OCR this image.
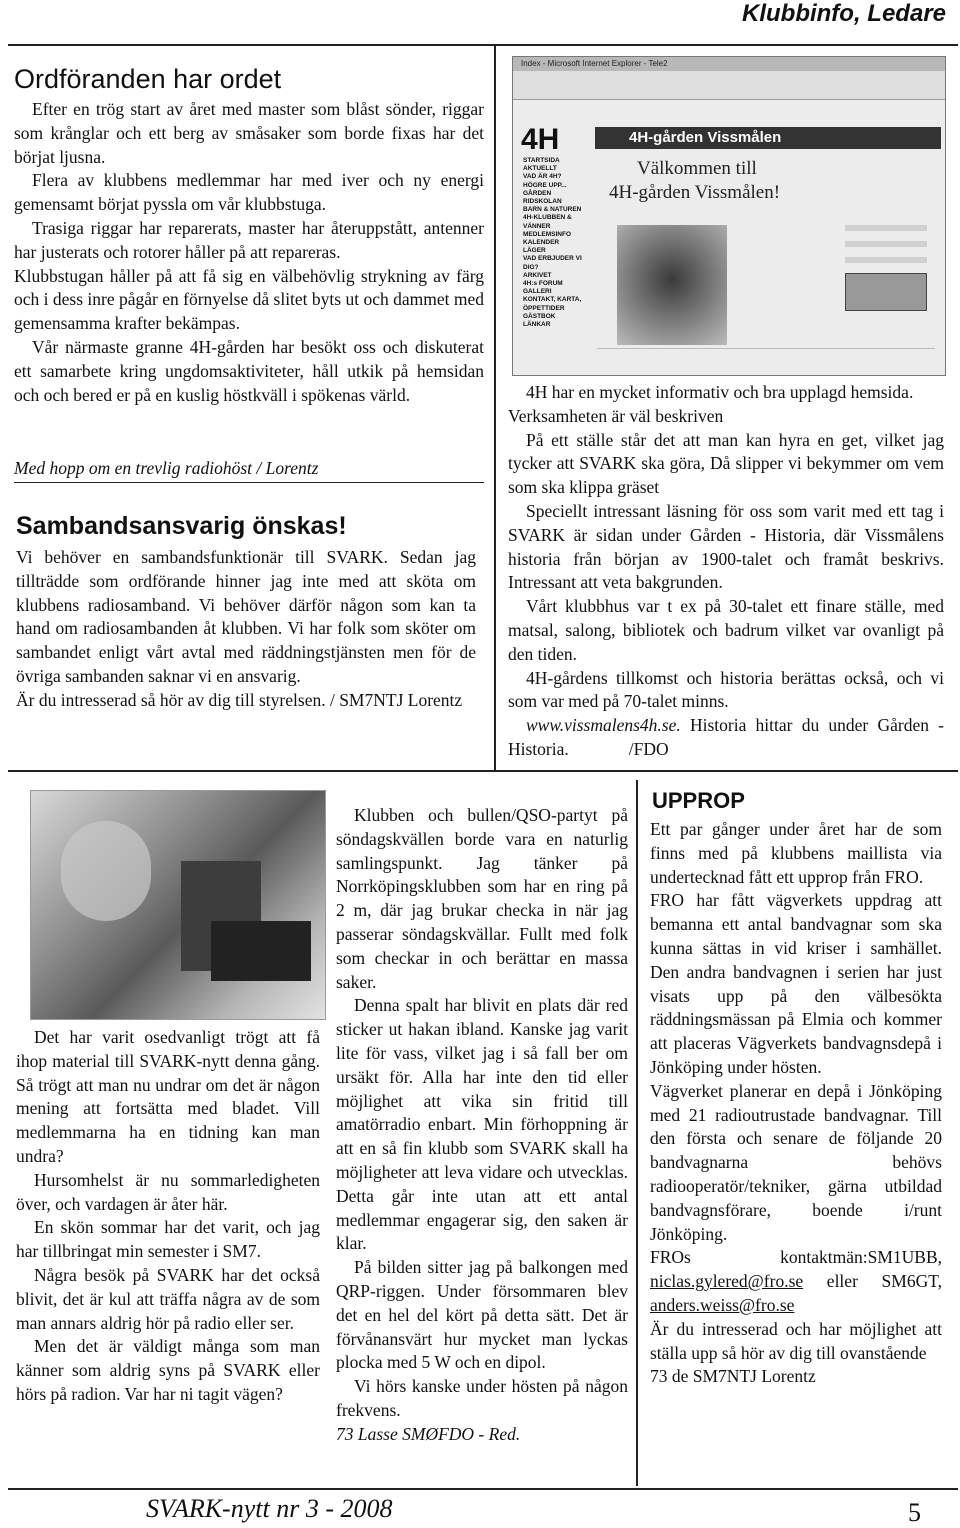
Klubbinfo, Ledare
Ordföranden har ordet

Efter en trög start av året med master som blåst sönder, riggar som krånglar och ett berg av småsaker som borde fixas har det börjat ljusna.

Flera av klubbens medlemmar har med iver och ny energi gemensamt börjat pyssla om vår klubbstuga.

Trasiga riggar har reparerats, master har återuppstått, antenner har justerats och rotorer håller på att repareras.

Klubbstugan håller på att få sig en välbehövlig strykning av färg och i dess inre pågår en förnyelse då slitet byts ut och dammet med gemensamma krafter bekämpas.

Vår närmaste granne 4H-gården har besökt oss och diskuterat ett samarbete kring ungdomsaktiviteter, håll utkik på hemsidan och och bered er på en kuslig höstkväll i spökenas värld.

Med hopp om en trevlig radiohöst / Lorentz
Sambandsansvarig önskas!

Vi behöver en sambandsfunktionär till SVARK. Sedan jag tillträdde som ordförande hinner jag inte med att sköta om klubbens radiosamband. Vi behöver därför någon som kan ta hand om radiosambanden åt klubben. Vi har folk som sköter om sambandet enligt vårt avtal med räddningstjänsten men för de övriga sambanden saknar vi en ansvarig.

Är du intresserad så hör av dig till styrelsen. / SM7NTJ Lorentz

Index - Microsoft Internet Explorer - Tele2
4H	4H-gården Vissmålen
STARTSIDA
AKTUELLT
VAD ÄR 4H?
HÖGRE UPP...
GÅRDEN
RIDSKOLAN
BARN & NATUREN
4H-KLUBBEN & VÄNNER
MEDLEMSINFO
KALENDER
LÄGER
VAD ERBJUDER VI DIG?
ARKIVET
4H:s FORUM
GALLERI
KONTAKT, KARTA, ÖPPETTIDER
GÄSTBOK
LÄNKAR
Välkommen till
4H-gården Vissmålen!

4H har en mycket informativ och bra upplagd hemsida.

Verksamheten är väl beskriven

På ett ställe står det att man kan hyra en get, vilket jag tycker att SVARK ska göra, Då slipper vi bekymmer om vem som ska klippa gräset

Speciellt intressant läsning för oss som varit med ett tag i SVARK är sidan under Gården - Historia, där Vissmålens historia från början av 1900-talet och framåt beskrivs. Intressant att veta bakgrunden.

Vårt klubbhus var t ex på 30-talet ett finare ställe, med matsal, salong, bibliotek och badrum vilket var ovanligt på den tiden.

4H-gårdens tillkomst och historia berättas också, och vi som var med på 70-talet minns.

www.vissmalens4h.se. Historia hittar du under Gården - Historia.	/FDO

Det har varit osedvanligt trögt att få ihop material till SVARK-nytt denna gång. Så trögt att man nu undrar om det är någon mening att fortsätta med bladet. Vill medlemmarna ha en tidning kan man undra?

Hursomhelst är nu sommarledigheten över, och vardagen är åter här.

En skön sommar har det varit, och jag har tillbringat min semester i SM7.

Några besök på SVARK har det också blivit, det är kul att träffa några av de som man annars aldrig hör på radio eller ser.

Men det är väldigt många som man känner som aldrig syns på SVARK eller hörs på radion. Var har ni tagit vägen?

Klubben och bullen/QSO-partyt på söndagskvällen borde vara en naturlig samlingspunkt. Jag tänker på Norrköpingsklubben som har en ring på 2 m, där jag brukar checka in när jag passerar söndagskvällar. Fullt med folk som checkar in och berättar en massa saker.

Denna spalt har blivit en plats där red sticker ut hakan ibland. Kanske jag varit lite för vass, vilket jag i så fall ber om ursäkt för. Alla har inte den tid eller möjlighet att vika sin fritid till amatörradio enbart. Min förhoppning är att en så fin klubb som SVARK skall ha möjligheter att leva vidare och utvecklas. Detta går inte utan att ett antal medlemmar engagerar sig, den saken är klar.

På bilden sitter jag på balkongen med QRP-riggen. Under försommaren blev det en hel del kört på detta sätt. Det är förvånansvärt hur mycket man lyckas plocka med 5 W och en dipol.

Vi hörs kanske under hösten på någon frekvens.

73 Lasse SMØFDO - Red.

UPPROP

Ett par gånger under året har de som finns med på klubbens maillista via undertecknad fått ett upprop från FRO.

FRO har fått vägverkets uppdrag att bemanna ett antal bandvagnar som ska kunna sättas in vid kriser i samhället. Den andra bandvagnen i serien har just visats upp på den välbesökta räddningsmässan på Elmia och kommer att placeras Vägverkets bandvagnsdepå i Jönköping under hösten.

Vägverket planerar en depå i Jönköping med 21 radioutrustade bandvagnar. Till den första och senare de följande 20 bandvagnarna behövs radiooperatör/tekniker, gärna utbildad bandvagnsförare, boende i/runt Jönköping.

FROs kontaktmän:SM1UBB, niclas.gylered@fro.se eller SM6GT, anders.weiss@fro.se

Är du intresserad och har möjlighet att ställa upp så hör av dig till ovanstående

73 de SM7NTJ Lorentz

SVARK-nytt nr 3 - 2008	5
